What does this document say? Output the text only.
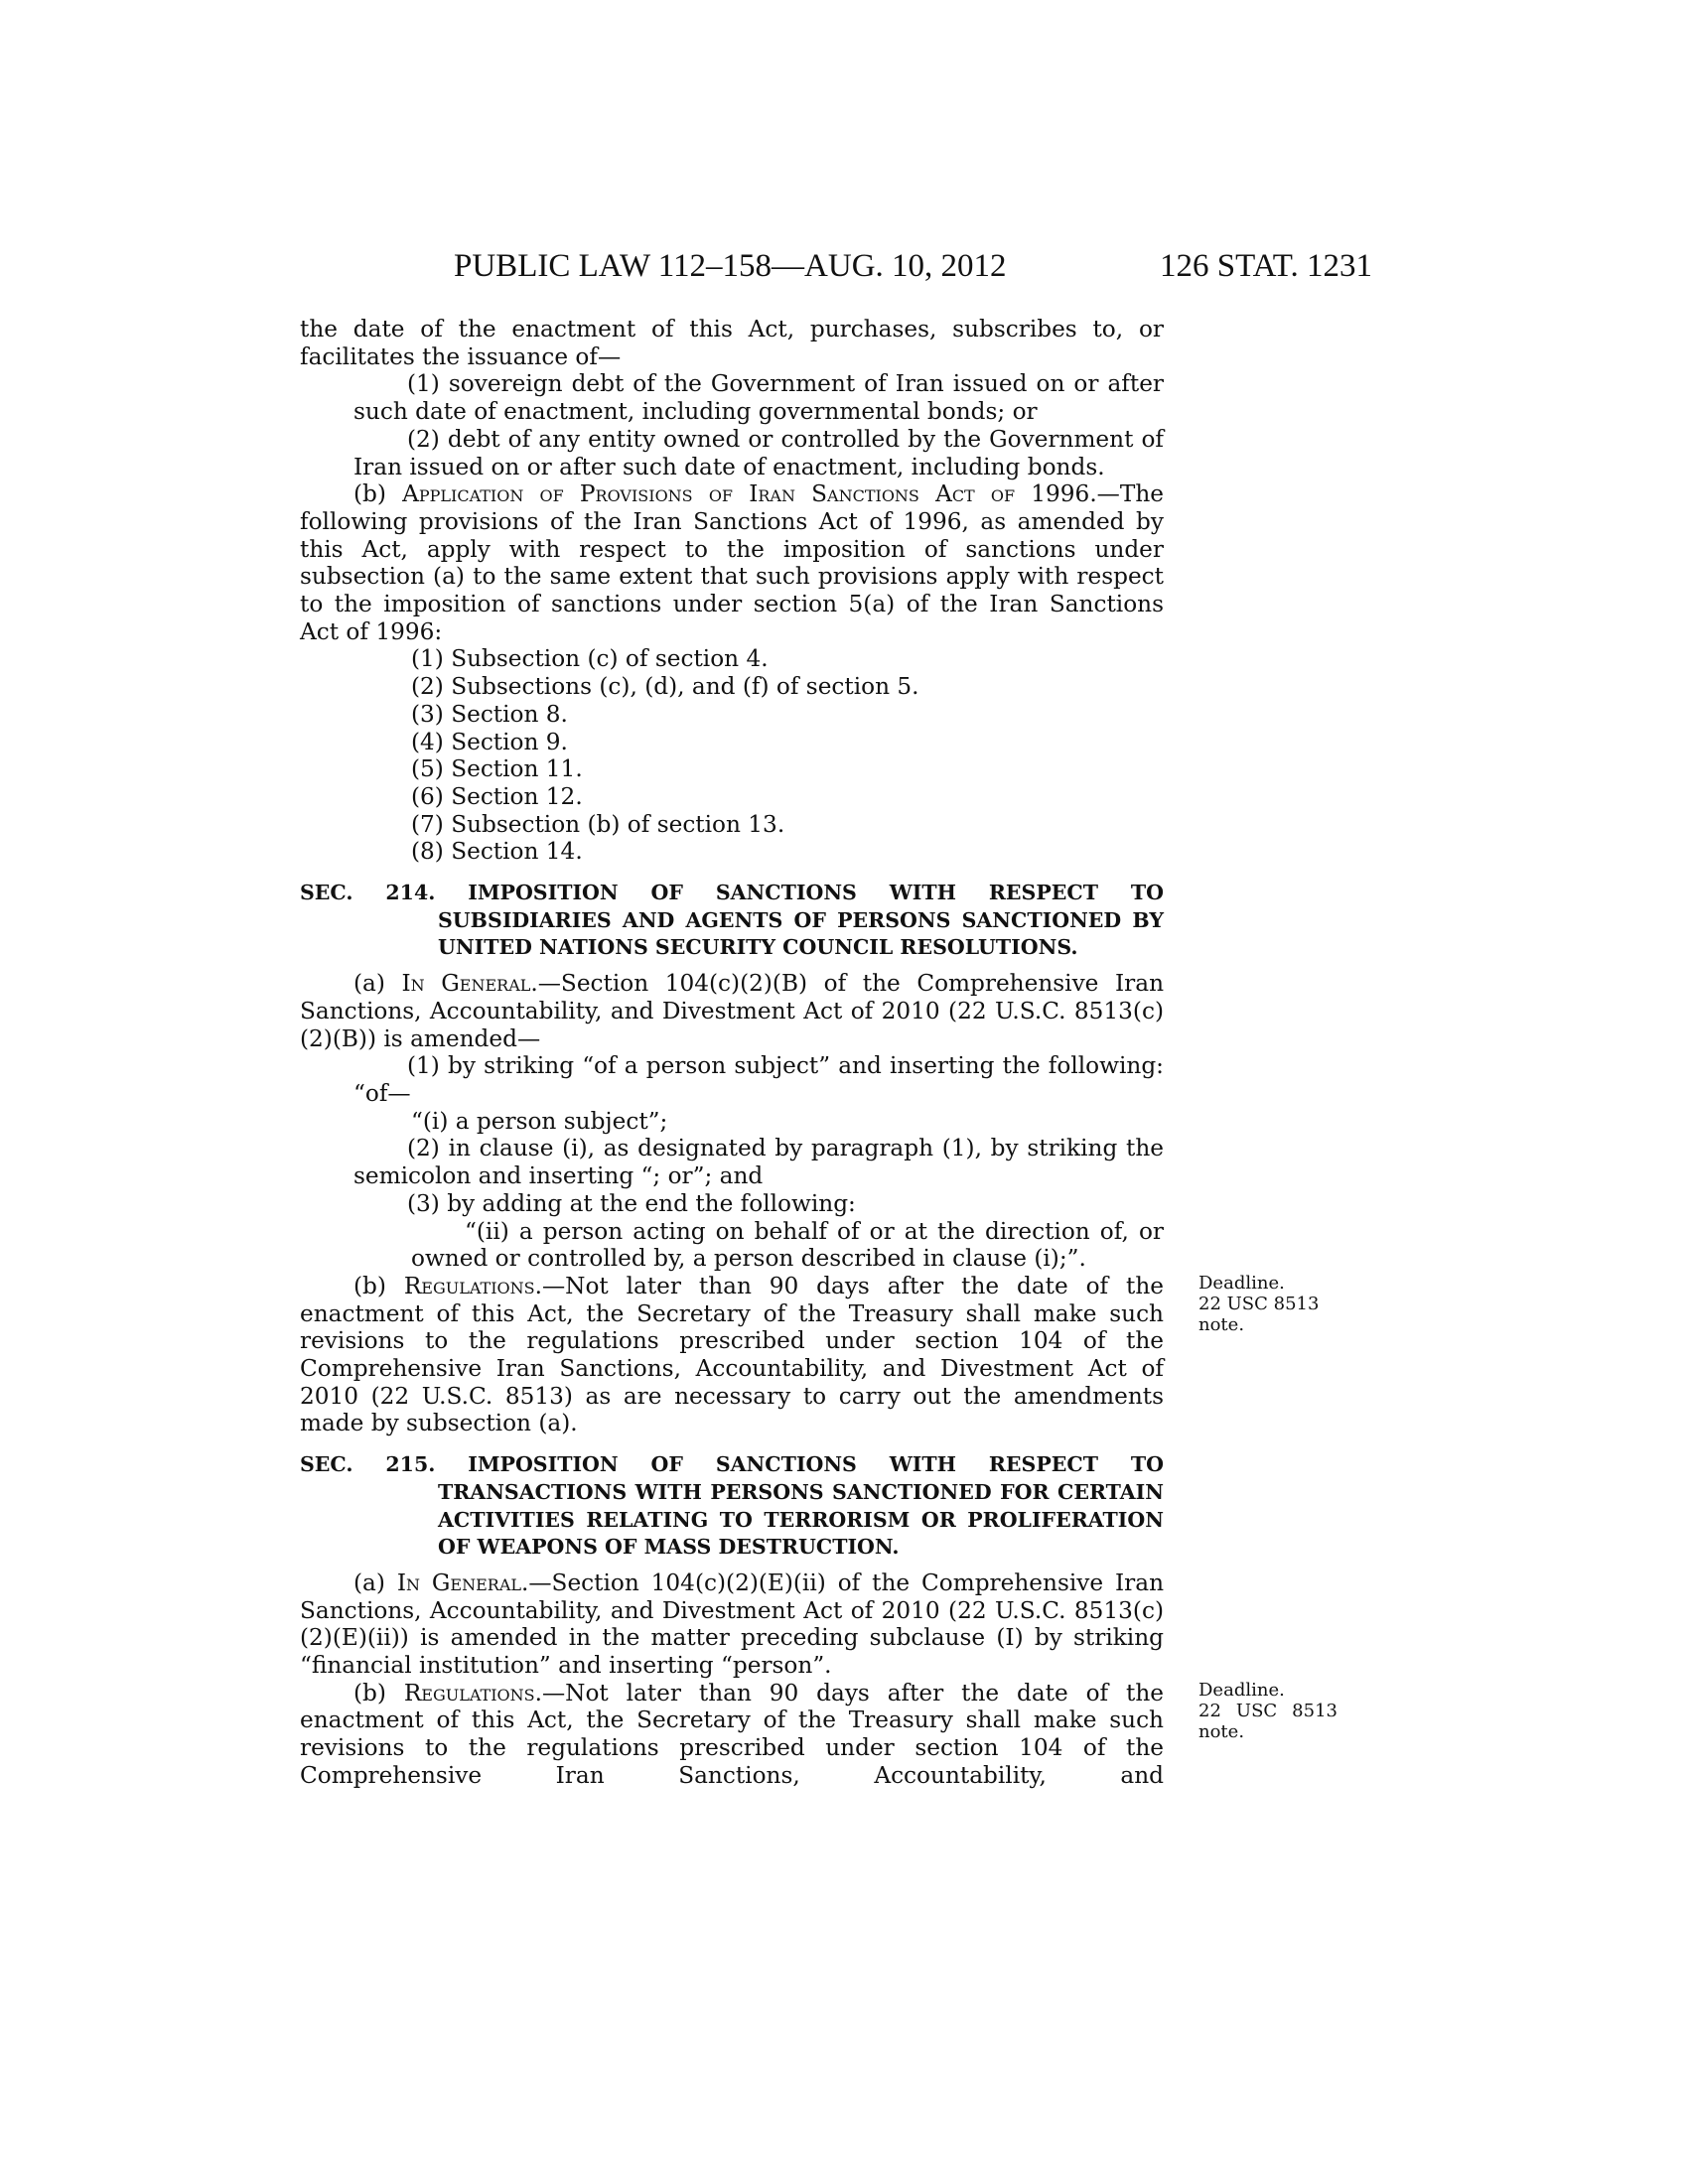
PUBLIC LAW 112–158—AUG. 10, 2012	126 STAT. 1231

the date of the enactment of this Act, purchases, subscribes to, or facilitates the issuance of—

(1) sovereign debt of the Government of Iran issued on or after such date of enactment, including governmental bonds; or

(2) debt of any entity owned or controlled by the Government of Iran issued on or after such date of enactment, including bonds.

(b) Application of Provisions of Iran Sanctions Act of 1996.—The following provisions of the Iran Sanctions Act of 1996, as amended by this Act, apply with respect to the imposition of sanctions under subsection (a) to the same extent that such provisions apply with respect to the imposition of sanctions under section 5(a) of the Iran Sanctions Act of 1996:

(1) Subsection (c) of section 4.

(2) Subsections (c), (d), and (f) of section 5.

(3) Section 8.

(4) Section 9.

(5) Section 11.

(6) Section 12.

(7) Subsection (b) of section 13.

(8) Section 14.

SEC. 214. IMPOSITION OF SANCTIONS WITH RESPECT TO SUBSIDIARIES AND AGENTS OF PERSONS SANCTIONED BY UNITED NATIONS SECURITY COUNCIL RESOLUTIONS.

(a) In General.—Section 104(c)(2)(B) of the Comprehensive Iran Sanctions, Accountability, and Divestment Act of 2010 (22 U.S.C. 8513(c)(2)(B)) is amended—

(1) by striking “of a person subject” and inserting the following: “of—

“(i) a person subject”;

(2) in clause (i), as designated by paragraph (1), by striking the semicolon and inserting “; or”; and

(3) by adding at the end the following:

“(ii) a person acting on behalf of or at the direction of, or owned or controlled by, a person described in clause (i);”.

(b) Regulations.—Not later than 90 days after the date of the enactment of this Act, the Secretary of the Treasury shall make such revisions to the regulations prescribed under section 104 of the Comprehensive Iran Sanctions, Accountability, and Divestment Act of 2010 (22 U.S.C. 8513) as are necessary to carry out the amendments made by subsection (a).
Deadline.
22 USC 8513
note.

SEC. 215. IMPOSITION OF SANCTIONS WITH RESPECT TO TRANSACTIONS WITH PERSONS SANCTIONED FOR CERTAIN ACTIVITIES RELATING TO TERRORISM OR PROLIFERATION OF WEAPONS OF MASS DESTRUCTION.

(a) In General.—Section 104(c)(2)(E)(ii) of the Comprehensive Iran Sanctions, Accountability, and Divestment Act of 2010 (22 U.S.C. 8513(c)(2)(E)(ii)) is amended in the matter preceding subclause (I) by striking “financial institution” and inserting “person”.

(b) Regulations.—Not later than 90 days after the date of the enactment of this Act, the Secretary of the Treasury shall make such revisions to the regulations prescribed under section 104 of the Comprehensive Iran Sanctions, Accountability, and
Deadline.
22 USC 8513
note.
